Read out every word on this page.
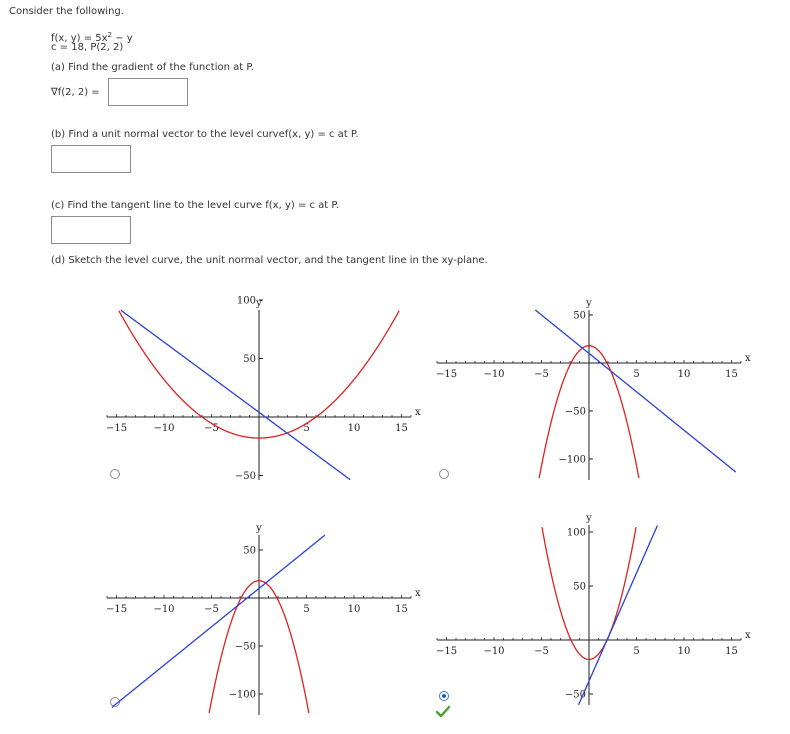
Consider the following.
f(x, $y) = 5x^2 - y$
c = 18, P(2, 2)
(a) Find the gradient of the function at P.
∇f(2, 2) =
(b) Find a unit normal vector to the level curvef(x, y) = c at P.
(c) Find the tangent line to the level curve f(x, y) = c at P.
(d) Sketch the level curve, the unit normal vector, and the tangent line in the xy-plane.
−15	−10	−5	5	10	15
100
50
−50
x
y
−15	−10	−5	5	10	15
50
−50
−100
x
y
−15	−10	−5	5	10	15
50
−50
−100
x
y
−15	−10	−5	5	10	15
100
50
−50
x
y
